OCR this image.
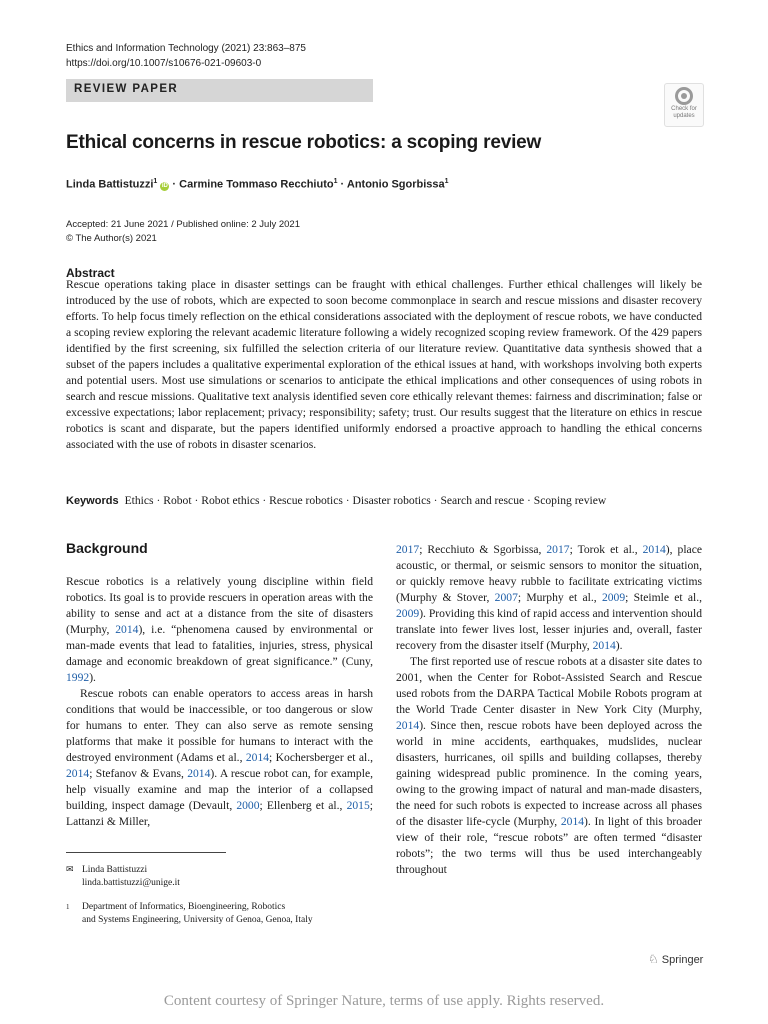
Ethics and Information Technology (2021) 23:863–875
https://doi.org/10.1007/s10676-021-09603-0
REVIEW PAPER
Check for
updates
Ethical concerns in rescue robotics: a scoping review
Linda Battistuzzi$^1$ iD · Carmine Tommaso Recchiuto$^1$ · Antonio Sgorbissa$^1$
Accepted: 21 June 2021 / Published online: 2 July 2021
© The Author(s) 2021
Abstract
Rescue operations taking place in disaster settings can be fraught with ethical challenges. Further ethical challenges will likely be introduced by the use of robots, which are expected to soon become commonplace in search and rescue missions and disaster recovery efforts. To help focus timely reflection on the ethical considerations associated with the deployment of rescue robots, we have conducted a scoping review exploring the relevant academic literature following a widely recognized scoping review framework. Of the 429 papers identified by the first screening, six fulfilled the selection criteria of our literature review. Quantitative data synthesis showed that a subset of the papers includes a qualitative experimental exploration of the ethical issues at hand, with workshops involving both experts and potential users. Most use simulations or scenarios to anticipate the ethical implications and other consequences of using robots in search and rescue missions. Qualitative text analysis identified seven core ethically relevant themes: fairness and discrimination; false or excessive expectations; labor replacement; privacy; responsibility; safety; trust. Our results suggest that the literature on ethics in rescue robotics is scant and disparate, but the papers identified uniformly endorsed a proactive approach to handling the ethical concerns associated with the use of robots in disaster scenarios.
Keywords Ethics · Robot · Robot ethics · Rescue robotics · Disaster robotics · Search and rescue · Scoping review
Background

Rescue robotics is a relatively young discipline within field robotics. Its goal is to provide rescuers in operation areas with the ability to sense and act at a distance from the site of disasters (Murphy, 2014), i.e. “phenomena caused by environmental or man-made events that lead to fatalities, injuries, stress, physical damage and economic breakdown of great significance.” (Cuny, 1992).

Rescue robots can enable operators to access areas in harsh conditions that would be inaccessible, or too dangerous or slow for humans to enter. They can also serve as remote sensing platforms that make it possible for humans to interact with the destroyed environment (Adams et al., 2014; Kochersberger et al., 2014; Stefanov & Evans, 2014). A rescue robot can, for example, help visually examine and map the interior of a collapsed building, inspect damage (Devault, 2000; Ellenberg et al., 2015; Lattanzi & Miller,

2017; Recchiuto & Sgorbissa, 2017; Torok et al., 2014), place acoustic, or thermal, or seismic sensors to monitor the situation, or quickly remove heavy rubble to facilitate extricating victims (Murphy & Stover, 2007; Murphy et al., 2009; Steimle et al., 2009). Providing this kind of rapid access and intervention should translate into fewer lives lost, lesser injuries and, overall, faster recovery from the disaster itself (Murphy, 2014).

The first reported use of rescue robots at a disaster site dates to 2001, when the Center for Robot-Assisted Search and Rescue used robots from the DARPA Tactical Mobile Robots program at the World Trade Center disaster in New York City (Murphy, 2014). Since then, rescue robots have been deployed across the world in mine accidents, earthquakes, mudslides, nuclear disasters, hurricanes, oil spills and building collapses, thereby gaining widespread public prominence. In the coming years, owing to the growing impact of natural and man-made disasters, the need for such robots is expected to increase across all phases of the disaster life-cycle (Murphy, 2014). In light of this broader view of their role, “rescue robots” are often termed “disaster robots”; the two terms will thus be used interchangeably throughout

✉ Linda Battistuzzi
linda.battistuzzi@unige.it
1 Department of Informatics, Bioengineering, Robotics
and Systems Engineering, University of Genoa, Genoa, Italy
♘ Springer
Content courtesy of Springer Nature, terms of use apply. Rights reserved.
